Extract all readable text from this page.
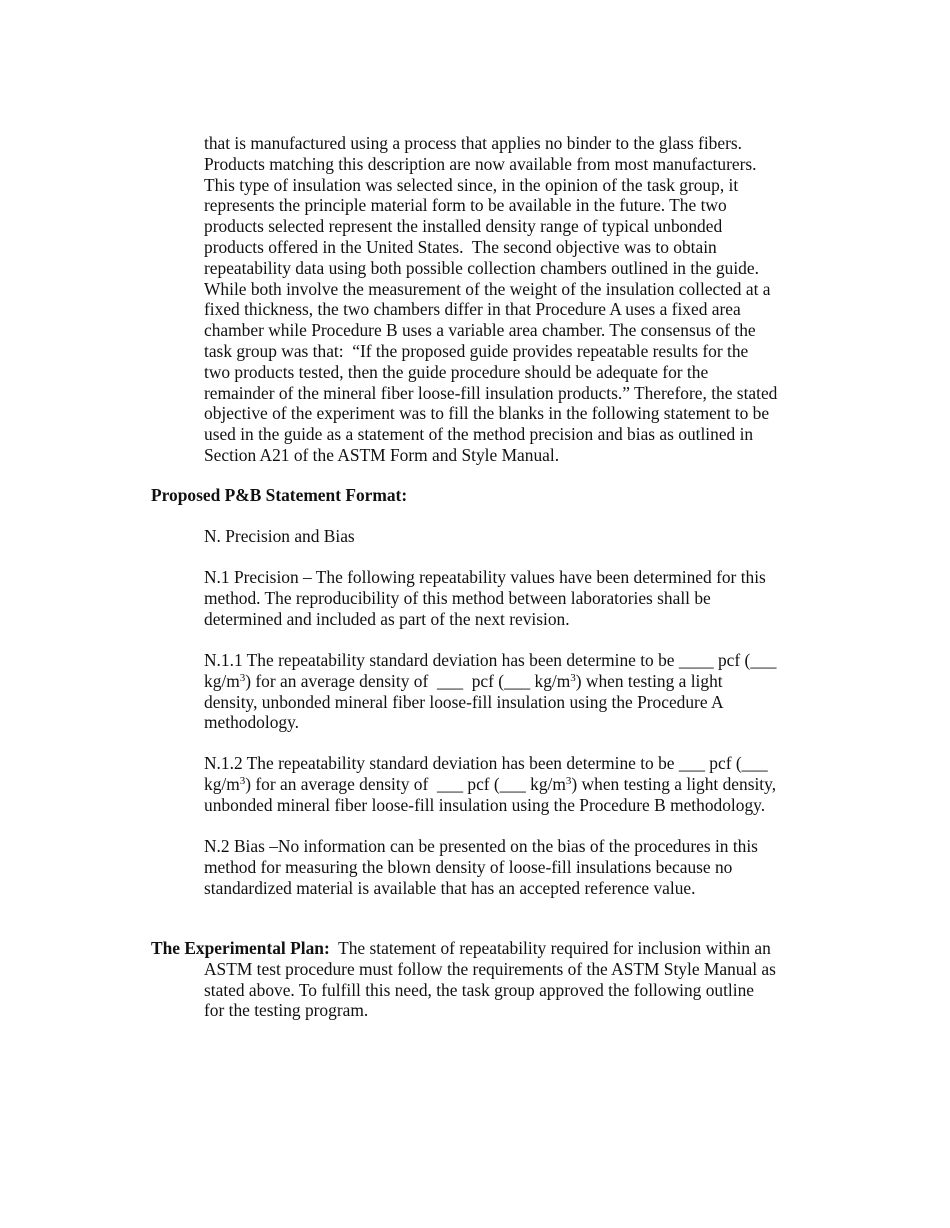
that is manufactured using a process that applies no binder to the glass fibers.
Products matching this description are now available from most manufacturers.
This type of insulation was selected since, in the opinion of the task group, it
represents the principle material form to be available in the future. The two
products selected represent the installed density range of typical unbonded
products offered in the United States.  The second objective was to obtain
repeatability data using both possible collection chambers outlined in the guide.
While both involve the measurement of the weight of the insulation collected at a
fixed thickness, the two chambers differ in that Procedure A uses a fixed area
chamber while Procedure B uses a variable area chamber. The consensus of the
task group was that:  “If the proposed guide provides repeatable results for the
two products tested, then the guide procedure should be adequate for the
remainder of the mineral fiber loose-fill insulation products.” Therefore, the stated
objective of the experiment was to fill the blanks in the following statement to be
used in the guide as a statement of the method precision and bias as outlined in
Section A21 of the ASTM Form and Style Manual.
Proposed P&B Statement Format:
N. Precision and Bias
N.1 Precision – The following repeatability values have been determined for this
method. The reproducibility of this method between laboratories shall be
determined and included as part of the next revision.
N.1.1 The repeatability standard deviation has been determine to be ____ pcf (___
$kg/m^3$) for an average density of  ___  pcf (___ $kg/m^3$) when testing a light
density, unbonded mineral fiber loose-fill insulation using the Procedure A
methodology.
N.1.2 The repeatability standard deviation has been determine to be ___ pcf (___
$kg/m^3$) for an average density of  ___ pcf (___ $kg/m^3$) when testing a light density,
unbonded mineral fiber loose-fill insulation using the Procedure B methodology.
N.2 Bias –No information can be presented on the bias of the procedures in this
method for measuring the blown density of loose-fill insulations because no
standardized material is available that has an accepted reference value.
The Experimental Plan:  The statement of repeatability required for inclusion within an
ASTM test procedure must follow the requirements of the ASTM Style Manual as
stated above. To fulfill this need, the task group approved the following outline
for the testing program.
